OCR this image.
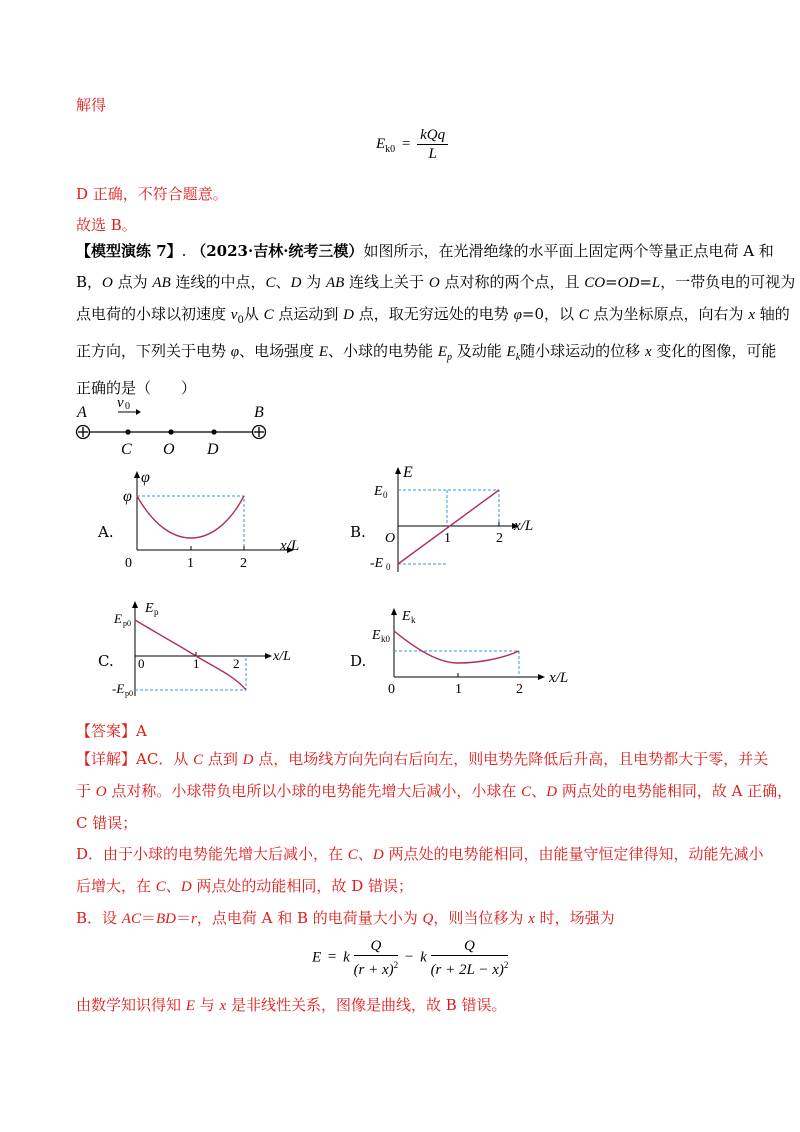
解得
$E_{k0} = \frac{\text{kQq}}{L}$
D 正确，不符合题意。
故选 B。
【模型演练 7】. （2023·吉林·统考三模）如图所示，在光滑绝缘的水平面上固定两个等量正点电荷 A 和
B，O 点为 AB 连线的中点，C、D 为 AB 连线上关于 O 点对称的两个点，且 CO=OD=L，一带负电的可视为
点电荷的小球以初速度 $v_0$从 C 点运动到 D 点，取无穷远处的电势 φ=0，以 C 点为坐标原点，向右为 x 轴的
正方向，下列关于电势 φ、电场强度 E、小球的电势能 $E_p$ 及动能 $E_k$随小球运动的位移 x 变化的图像，可能
正确的是（　　）
A	B
C O D
v 0
A.
φ
φ
0	1	2
x/L
B.
E
E 0
-E 0
O	1	2
x/L
C.
E p
E p0
-E p0
0	1	2 x/L	D.
E k
E k0
0	1	2
x/L
【答案】A
【详解】AC．从 C 点到 D 点，电场线方向先向右后向左，则电势先降低后升高，且电势都大于零，并关
于 O 点对称。小球带负电所以小球的电势能先增大后减小，小球在 C、D 两点处的电势能相同，故 A 正确，
C 错误；
D．由于小球的电势能先增大后减小，在 C、D 两点处的电势能相同，由能量守恒定律得知，动能先减小
后增大，在 C、D 两点处的动能相同，故 D 错误；
B．设 AC＝BD＝r，点电荷 A 和 B 的电荷量大小为 Q，则当位移为 x 时，场强为
E = k $\frac{Q}{(r + x)^2} - k \frac{Q}{(r + 2L - x)^2}$
由数学知识得知 E 与 x 是非线性关系，图像是曲线，故 B 错误。
